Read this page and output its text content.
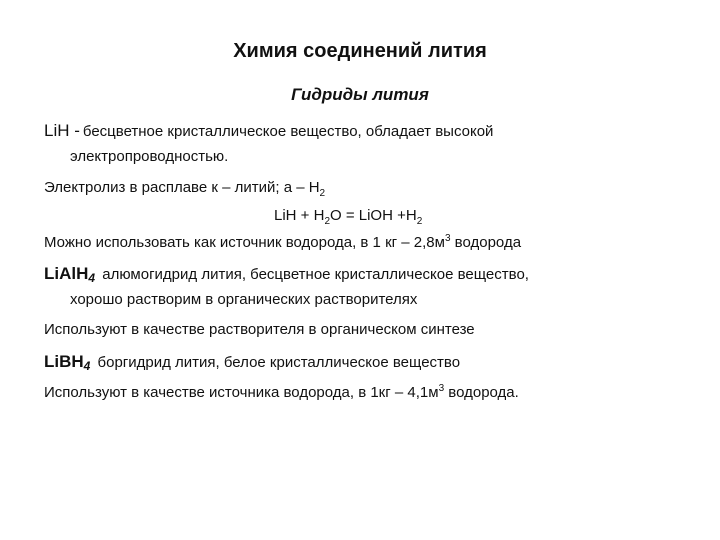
Химия соединений лития
Гидриды лития
LiH - бесцветное кристаллическое вещество, обладает высокой
электропроводностью.
Электролиз в расплаве к – литий; а – $H_2$
LiH + $H_2O$ = LiOH $+H_2$
Можно использовать как источник водорода, в 1 кг – $2,8м^3$ водорода
LiAlH$_4$ алюмогидрид лития, бесцветное кристаллическое вещество,
хорошо растворим в органических растворителях
Используют в качестве растворителя в органическом синтезе
LiBH$_4$ боргидрид лития, белое кристаллическое вещество
Используют в качестве источника водорода, в $1кг - 4,1м^3$ водорода.
